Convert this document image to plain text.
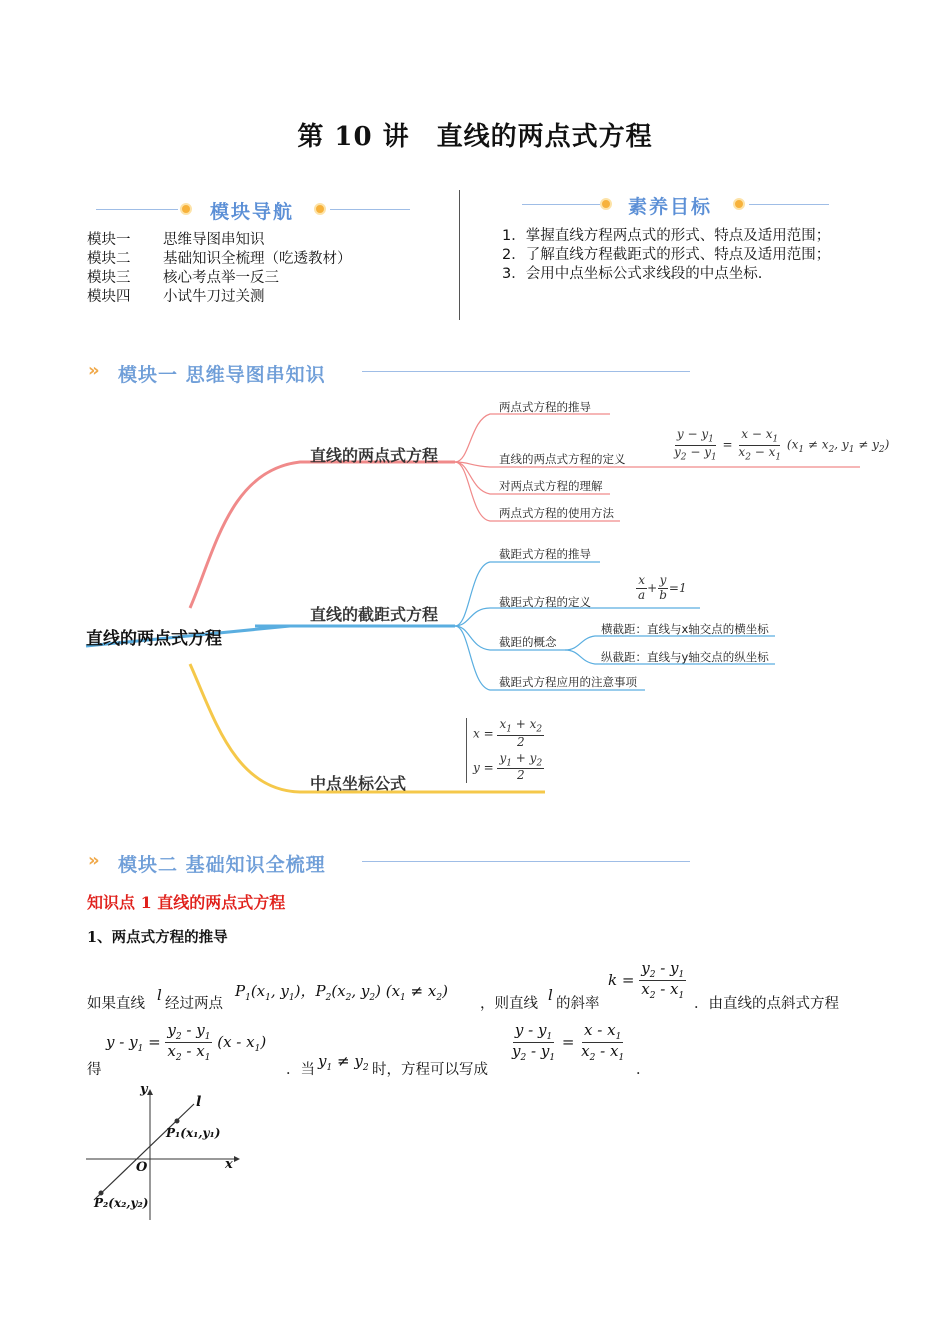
第 10 讲　直线的两点式方程
模块导航
模块一 思维导图串知识
模块二 基础知识全梳理（吃透教材）
模块三 核心考点举一反三
模块四 小试牛刀过关测
素养目标
1．掌握直线方程两点式的形式、特点及适用范围；
2．了解直线方程截距式的形式、特点及适用范围；
3．会用中点坐标公式求线段的中点坐标.
» 模块一 思维导图串知识
直线的两点式方程
直线的两点式方程
两点式方程的推导
直线的两点式方程的定义
对两点式方程的理解
两点式方程的使用方法
$\frac{y - y_1}{y_2 - y_1} = \frac{x - x_1}{x_2 - x_1} (x_1 \ne x_2$, $y_1 \ne y_2$)
直线的截距式方程
截距式方程的推导
截距式方程的定义
截距的概念
截距式方程应用的注意事项
横截距：直线与x轴交点的横坐标
纵截距：直线与y轴交点的纵坐标
$\frac{x}{a} + \frac{y}{b} =1$
中点坐标公式
$x = \frac{x_1 + x_2}{2}$
$y = \frac{y_1 + y_2}{2}$
» 模块二 基础知识全梳理
知识点 1 直线的两点式方程
1、两点式方程的推导
如果直线 l 经过两点
$P_1(x_1$, $y_1$)，$P_2(x_2$, $y_2$) $(x_1 \ne x_2)$
，则直线 l 的斜率
$k = \frac{y_2 - y_1}{x_2 - x_1}$
．由直线的点斜式方程
$y - y_1 = \frac{y_2 - y_1}{x_2 - x_1} (x - x_1)$
得	．当 $y_1 \ne y_2$ 时，方程可以写成
$\frac{y - y_1}{y_2 - y_1} = \frac{x - x_1}{x_2 - x_1}$
．
y
x
O
l
P₁(x₁,y₁)
P₂(x₂,y₂)
